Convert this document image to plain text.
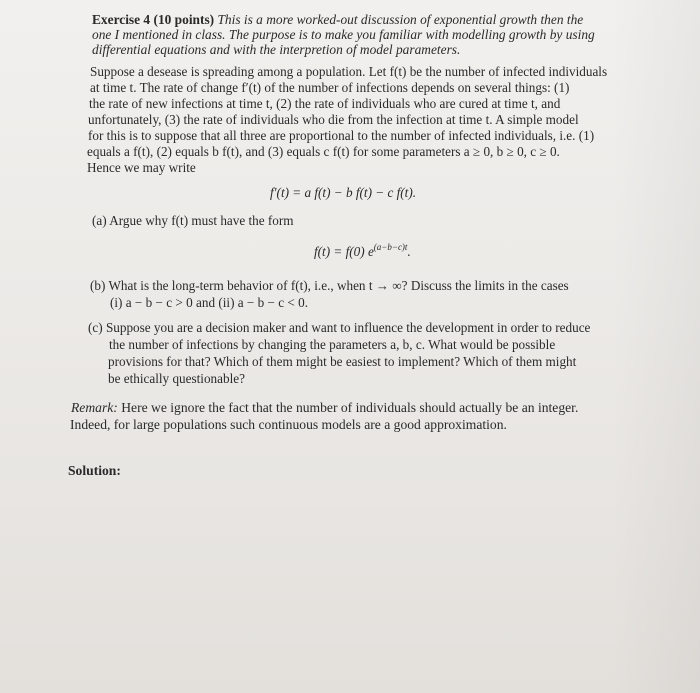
Exercise 4 (10 points) This is a more worked-out discussion of exponential growth then the
one I mentioned in class. The purpose is to make you familiar with modelling growth by using
differential equations and with the interpretion of model parameters.
Suppose a desease is spreading among a population. Let f(t) be the number of infected individuals
at time t. The rate of change f′(t) of the number of infections depends on several things: (1)
the rate of new infections at time t, (2) the rate of individuals who are cured at time t, and
unfortunately, (3) the rate of individuals who die from the infection at time t. A simple model
for this is to suppose that all three are proportional to the number of infected individuals, i.e. (1)
equals a f(t), (2) equals b f(t), and (3) equals c f(t) for some parameters a ≥ 0, b ≥ 0, c ≥ 0.
Hence we may write
f′(t) = a f(t) − b f(t) − c f(t).
(a) Argue why f(t) must have the form
f(t) = f(0) $e^{(a-b-c)t}$.
(b) What is the long-term behavior of f(t), i.e., when t → ∞? Discuss the limits in the cases
(i) a − b − c > 0 and (ii) a − b − c < 0.
(c) Suppose you are a decision maker and want to influence the development in order to reduce
the number of infections by changing the parameters a, b, c. What would be possible
provisions for that? Which of them might be easiest to implement? Which of them might
be ethically questionable?
Remark: Here we ignore the fact that the number of individuals should actually be an integer.
Indeed, for large populations such continuous models are a good approximation.
Solution:
